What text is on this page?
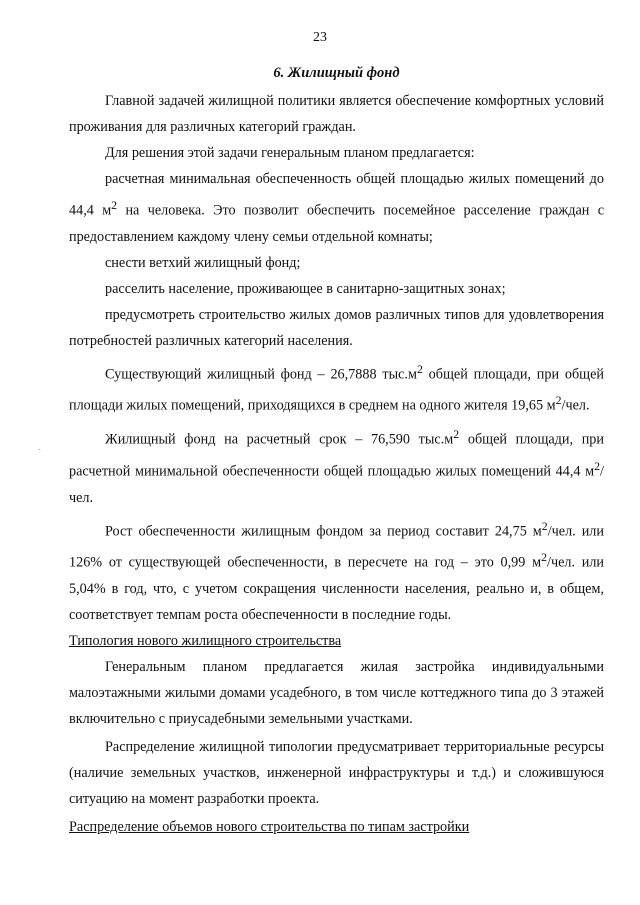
23
6. Жилищный фонд

Главной задачей жилищной политики является обеспечение комфортных условий проживания для различных категорий граждан.

Для решения этой задачи генеральным планом предлагается:

расчетная минимальная обеспеченность общей площадью жилых помещений до 44,4 $м^2$ на человека. Это позволит обеспечить посемейное расселение граждан с предоставлением каждому члену семьи отдельной комнаты;

снести ветхий жилищный фонд;

расселить население, проживающее в санитарно-защитных зонах;

предусмотреть строительство жилых домов различных типов для удовлетворения потребностей различных категорий населения.

Существующий жилищный фонд – 26,7888 $тыс.м^2$ общей площади, при общей площади жилых помещений, приходящихся в среднем на одного жителя 19,65 $м^2$/чел.

Жилищный фонд на расчетный срок – 76,590 $тыс.м^2$ общей площади, при расчетной минимальной обеспеченности общей площадью жилых помещений 44,4 $м^2$/чел.

Рост обеспеченности жилищным фондом за период составит 24,75 $м^2$/чел. или 126% от существующей обеспеченности, в пересчете на год – это 0,99 $м^2$/чел. или 5,04% в год, что, с учетом сокращения численности населения, реально и, в общем, соответствует темпам роста обеспеченности в последние годы.

Типология нового жилищного строительства

Генеральным планом предлагается жилая застройка индивидуальными малоэтажными жилыми домами усадебного, в том числе коттеджного типа до 3 этажей включительно с приусадебными земельными участками.

Распределение жилищной типологии предусматривает территориальные ресурсы (наличие земельных участков, инженерной инфраструктуры и т.д.) и сложившуюся ситуацию на момент разработки проекта.

Распределение объемов нового строительства по типам застройки

ˏ
